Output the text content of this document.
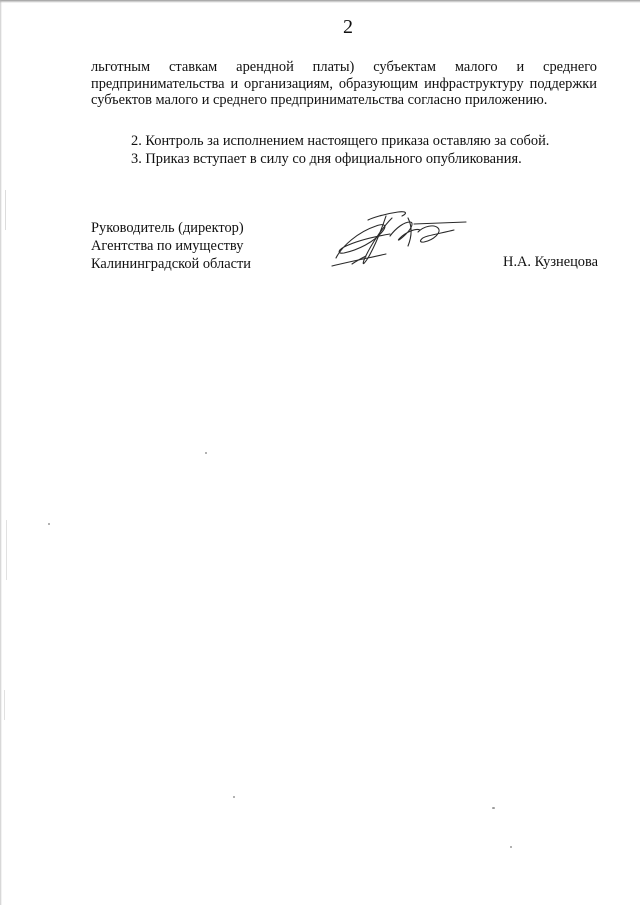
2

льготным ставкам арендной платы) субъектам малого и среднего предпринимательства и организациям, образующим инфраструктуру поддержки субъектов малого и среднего предпринимательства согласно приложению.

2. Контроль за исполнением настоящего приказа оставляю за собой.

3. Приказ вступает в силу со дня официального опубликования.

Руководитель (директор)
Агентства по имуществу
Калининградской области	Н.А. Кузнецова
